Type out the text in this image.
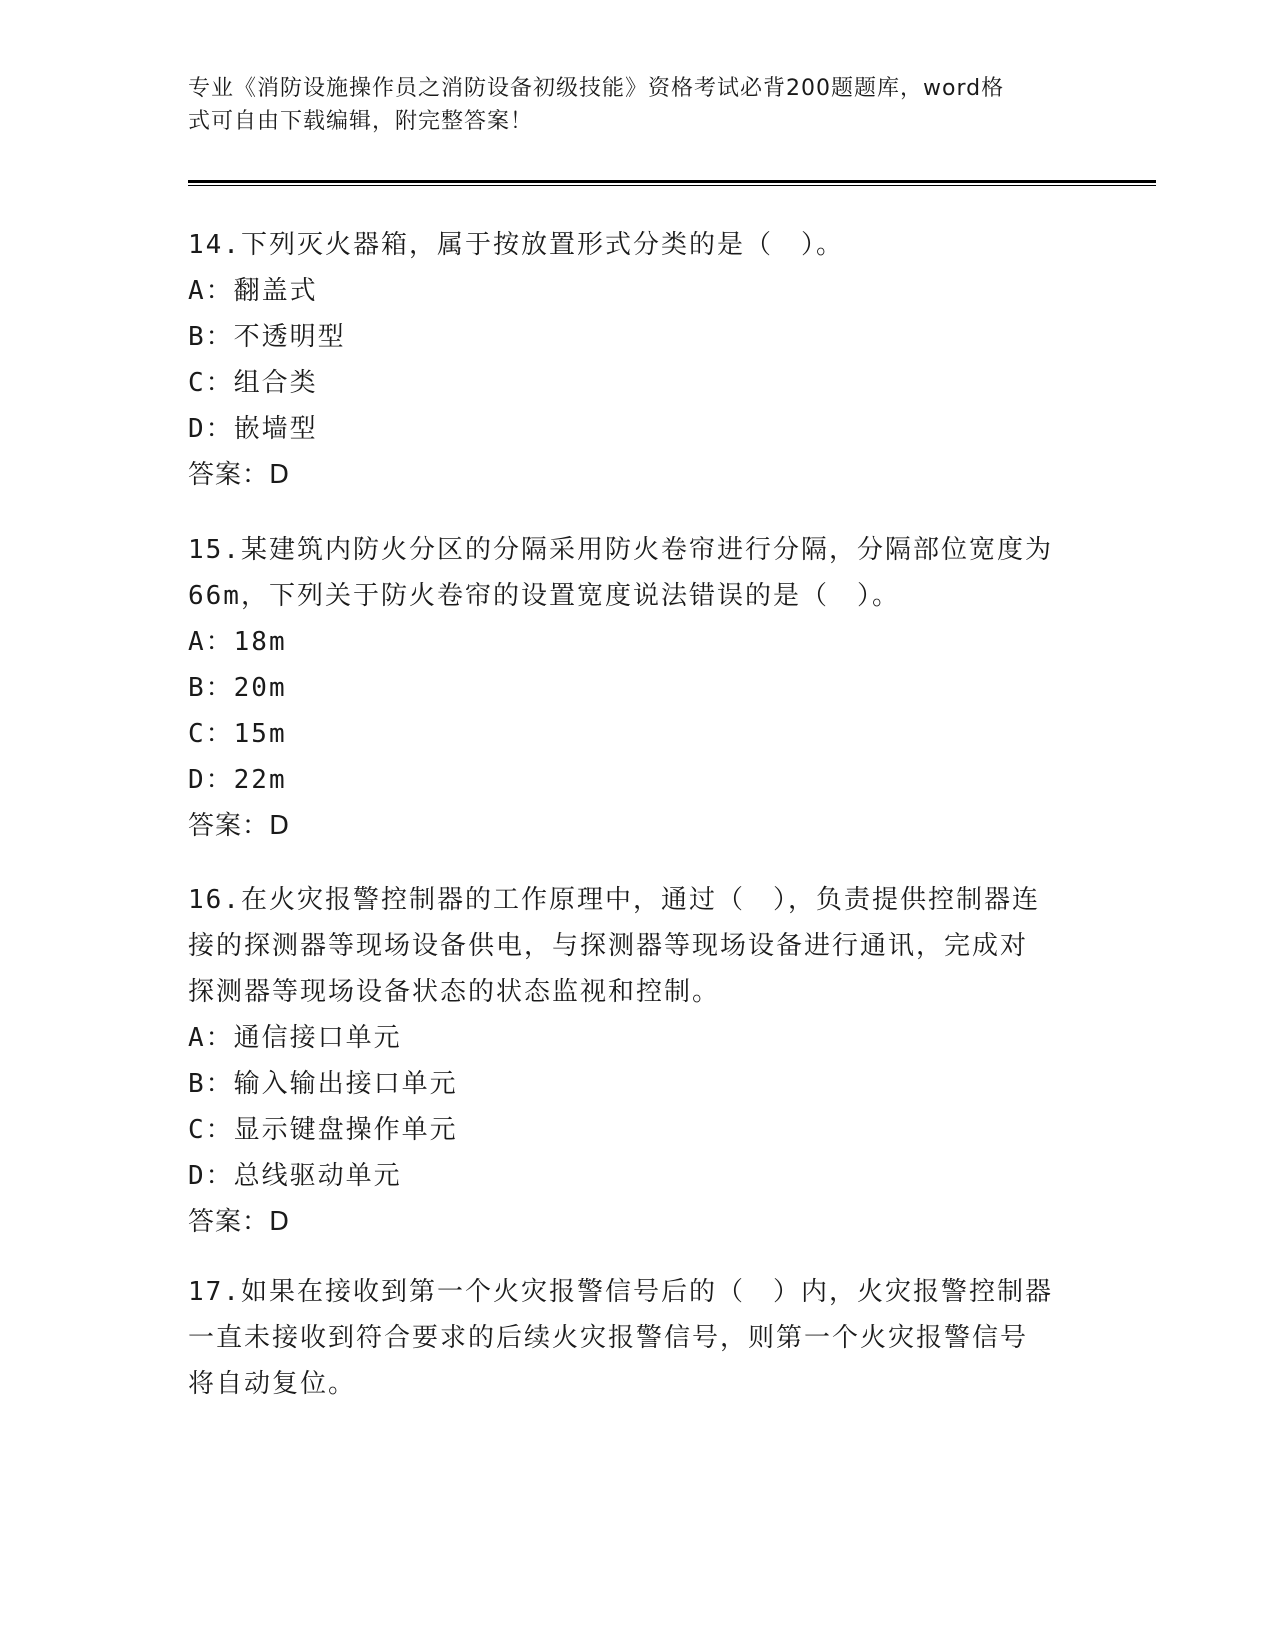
专业《消防设施操作员之消防设备初级技能》资格考试必背200题题库，word格
式可自由下载编辑，附完整答案！
14.下列灭火器箱，属于按放置形式分类的是（　）。
A：翻盖式
B：不透明型
C：组合类
D：嵌墙型
答案：D
15.某建筑内防火分区的分隔采用防火卷帘进行分隔，分隔部位宽度为
66m，下列关于防火卷帘的设置宽度说法错误的是（　）。
A：18m
B：20m
C：15m
D：22m
答案：D
16.在火灾报警控制器的工作原理中，通过（　），负责提供控制器连
接的探测器等现场设备供电，与探测器等现场设备进行通讯，完成对
探测器等现场设备状态的状态监视和控制。
A：通信接口单元
B：输入输出接口单元
C：显示键盘操作单元
D：总线驱动单元
答案：D
17.如果在接收到第一个火灾报警信号后的（　）内，火灾报警控制器
一直未接收到符合要求的后续火灾报警信号，则第一个火灾报警信号
将自动复位。
